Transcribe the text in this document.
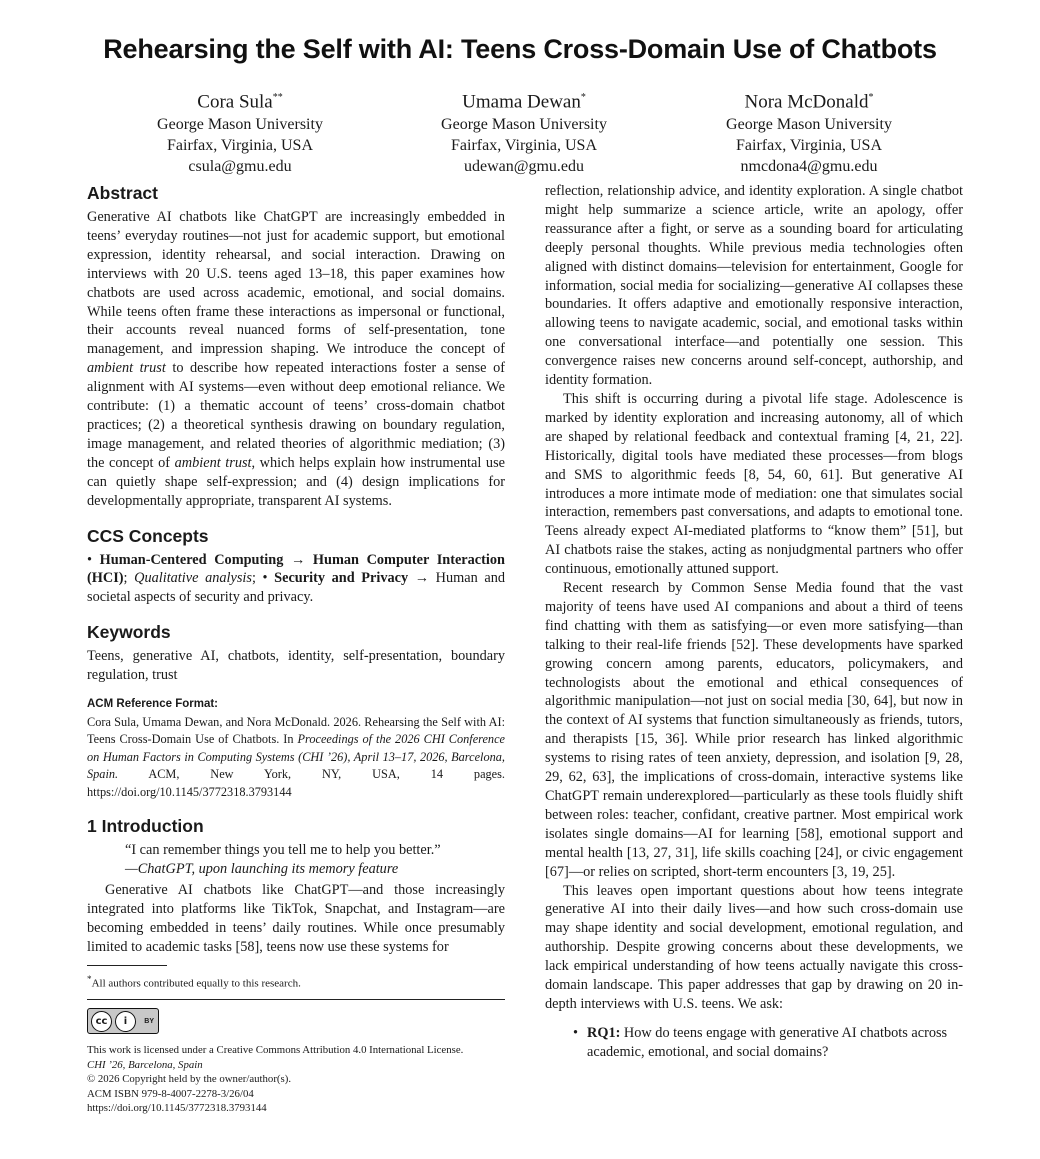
Rehearsing the Self with AI: Teens Cross-Domain Use of Chatbots
Cora Sula**
George Mason University
Fairfax, Virginia, USA
csula@gmu.edu
Umama Dewan*
George Mason University
Fairfax, Virginia, USA
udewan@gmu.edu
Nora McDonald*
George Mason University
Fairfax, Virginia, USA
nmcdona4@gmu.edu
Abstract

Generative AI chatbots like ChatGPT are increasingly embedded in teens’ everyday routines—not just for academic support, but emotional expression, identity rehearsal, and social interaction. Drawing on interviews with 20 U.S. teens aged 13–18, this paper examines how chatbots are used across academic, emotional, and social domains. While teens often frame these interactions as impersonal or functional, their accounts reveal nuanced forms of self-presentation, tone management, and impression shaping. We introduce the concept of ambient trust to describe how repeated interactions foster a sense of alignment with AI systems—even without deep emotional reliance. We contribute: (1) a thematic account of teens’ cross-domain chatbot practices; (2) a theoretical synthesis drawing on boundary regulation, image management, and related theories of algorithmic mediation; (3) the concept of ambient trust, which helps explain how instrumental use can quietly shape self-expression; and (4) design implications for developmentally appropriate, transparent AI systems.

CCS Concepts

• Human-Centered Computing → Human Computer Interaction (HCI); Qualitative analysis; • Security and Privacy → Human and societal aspects of security and privacy.

Keywords

Teens, generative AI, chatbots, identity, self-presentation, boundary regulation, trust

ACM Reference Format:

Cora Sula, Umama Dewan, and Nora McDonald. 2026. Rehearsing the Self with AI: Teens Cross-Domain Use of Chatbots. In Proceedings of the 2026 CHI Conference on Human Factors in Computing Systems (CHI ’26), April 13–17, 2026, Barcelona, Spain. ACM, New York, NY, USA, 14 pages. https://doi.org/10.1145/3772318.3793144

1 Introduction
“I can remember things you tell me to help you better.”
—ChatGPT, upon launching its memory feature

Generative AI chatbots like ChatGPT—and those increasingly integrated into platforms like TikTok, Snapchat, and Instagram—are becoming embedded in teens’ daily routines. While once presumably limited to academic tasks [58], teens now use these systems for

*All authors contributed equally to this research.
cc	i	BY
This work is licensed under a Creative Commons Attribution 4.0 International License.
CHI ’26, Barcelona, Spain
© 2026 Copyright held by the owner/author(s).
ACM ISBN 979-8-4007-2278-3/26/04
https://doi.org/10.1145/3772318.3793144

reflection, relationship advice, and identity exploration. A single chatbot might help summarize a science article, write an apology, offer reassurance after a fight, or serve as a sounding board for articulating deeply personal thoughts. While previous media technologies often aligned with distinct domains—television for entertainment, Google for information, social media for socializing—generative AI collapses these boundaries. It offers adaptive and emotionally responsive interaction, allowing teens to navigate academic, social, and emotional tasks within one conversational interface—and potentially one session. This convergence raises new concerns around self-concept, authorship, and identity formation.

This shift is occurring during a pivotal life stage. Adolescence is marked by identity exploration and increasing autonomy, all of which are shaped by relational feedback and contextual framing [4, 21, 22]. Historically, digital tools have mediated these processes—from blogs and SMS to algorithmic feeds [8, 54, 60, 61]. But generative AI introduces a more intimate mode of mediation: one that simulates social interaction, remembers past conversations, and adapts to emotional tone. Teens already expect AI-mediated platforms to “know them” [51], but AI chatbots raise the stakes, acting as nonjudgmental partners who offer continuous, emotionally attuned support.

Recent research by Common Sense Media found that the vast majority of teens have used AI companions and about a third of teens find chatting with them as satisfying—or even more satisfying—than talking to their real-life friends [52]. These developments have sparked growing concern among parents, educators, policymakers, and technologists about the emotional and ethical consequences of algorithmic manipulation—not just on social media [30, 64], but now in the context of AI systems that function simultaneously as friends, tutors, and therapists [15, 36]. While prior research has linked algorithmic systems to rising rates of teen anxiety, depression, and isolation [9, 28, 29, 62, 63], the implications of cross-domain, interactive systems like ChatGPT remain underexplored—particularly as these tools fluidly shift between roles: teacher, confidant, creative partner. Most empirical work isolates single domains—AI for learning [58], emotional support and mental health [13, 27, 31], life skills coaching [24], or civic engagement [67]—or relies on scripted, short-term encounters [3, 19, 25].

This leaves open important questions about how teens integrate generative AI into their daily lives—and how such cross-domain use may shape identity and social development, emotional regulation, and authorship. Despite growing concerns about these developments, we lack empirical understanding of how teens actually navigate this cross-domain landscape. This paper addresses that gap by drawing on 20 in-depth interviews with U.S. teens. We ask:

• RQ1: How do teens engage with generative AI chatbots across academic, emotional, and social domains?
